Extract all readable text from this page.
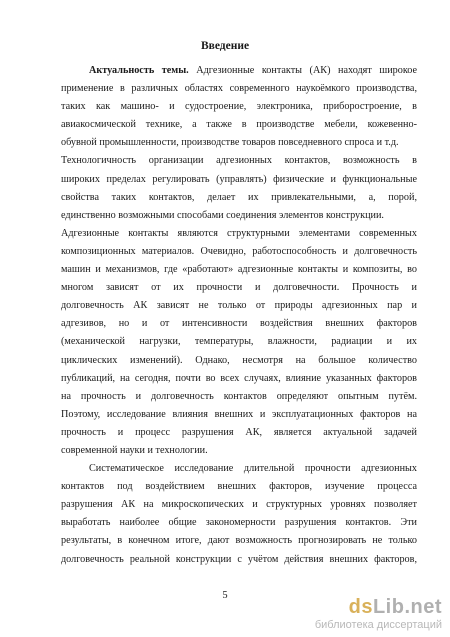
Введение
Актуальность темы. Адгезионные контакты (АК) находят широкое
применение в различных областях современного наукоёмкого производства,
таких как машино- и судостроение, электроника, приборостроение, в
авиакосмической технике, а также в производстве мебели, кожевенно-
обувной промышленности, производстве товаров повседневного спроса и т.д.
Технологичность организации адгезионных контактов, возможность в
широких пределах регулировать (управлять) физические и функциональные
свойства таких контактов, делает их привлекательными, а, порой,
единственно возможными способами соединения элементов конструкции.
Адгезионные контакты являются структурными элементами современных
композиционных материалов. Очевидно, работоспособность и долговечность
машин и механизмов, где «работают» адгезионные контакты и композиты, во
многом зависят от их прочности и долговечности. Прочность и
долговечность АК зависят не только от природы адгезионных пар и
адгезивов, но и от интенсивности воздействия внешних факторов
(механической нагрузки, температуры, влажности, радиации и их
циклических изменений). Однако, несмотря на большое количество
публикаций, на сегодня, почти во всех случаях, влияние указанных факторов
на прочность и долговечность контактов определяют опытным путём.
Поэтому, исследование влияния внешних и эксплуатационных факторов на
прочность и процесс разрушения АК, является актуальной задачей
современной науки и технологии.
Систематическое исследование длительной прочности адгезионных
контактов под воздействием внешних факторов, изучение процесса
разрушения АК на микроскопических и структурных уровнях позволяет
выработать наиболее общие закономерности разрушения контактов. Эти
результаты, в конечном итоге, дают возможность прогнозировать не только
долговечность реальной конструкции с учётом действия внешних факторов,
5
dsLib.net
библиотека диссертаций
